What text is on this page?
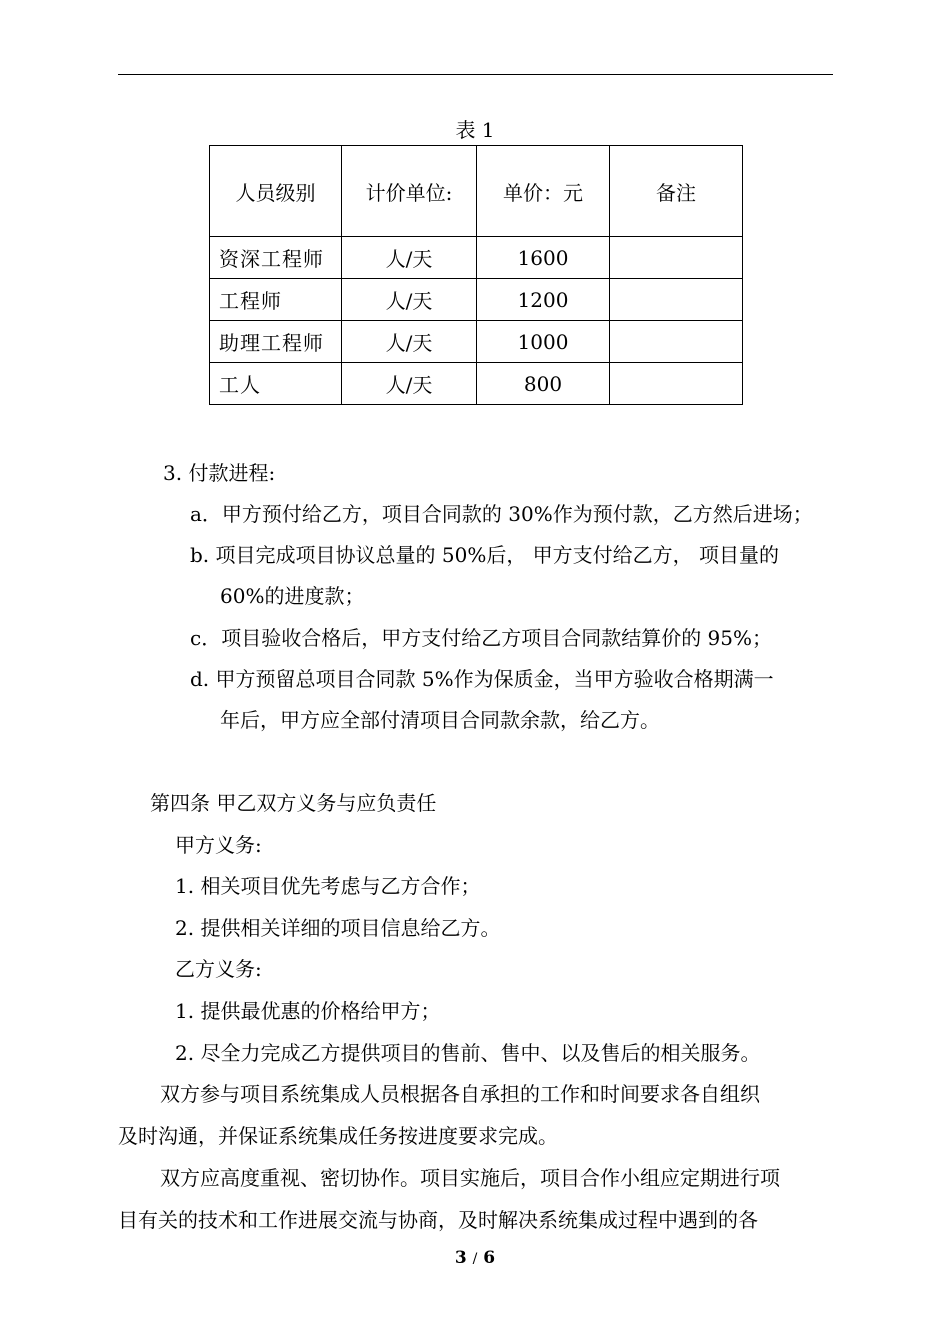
表 1
人员级别	计价单位:	单价：元	备注
资深工程师	人/天	1600	
工程师	人/天	1200	
助理工程师	人/天	1000	
工人	人/天	800	
3. 付款进程:
a．甲方预付给乙方，项目合同款的 30%作为预付款，乙方然后进场；
b. 项目完成项目协议总量的 50%后， 甲方支付给乙方， 项目量的
60%的进度款；
c．项目验收合格后，甲方支付给乙方项目合同款结算价的 95%；
d. 甲方预留总项目合同款 5%作为保质金，当甲方验收合格期满一
年后，甲方应全部付清项目合同款余款，给乙方。
第四条 甲乙双方义务与应负责任
甲方义务:
1. 相关项目优先考虑与乙方合作；
2. 提供相关详细的项目信息给乙方。
乙方义务:
1. 提供最优惠的价格给甲方；
2. 尽全力完成乙方提供项目的售前、售中、以及售后的相关服务。
双方参与项目系统集成人员根据各自承担的工作和时间要求各自组织
及时沟通，并保证系统集成任务按进度要求完成。
双方应高度重视、密切协作。项目实施后，项目合作小组应定期进行项
目有关的技术和工作进展交流与协商，及时解决系统集成过程中遇到的各
3 / 6
